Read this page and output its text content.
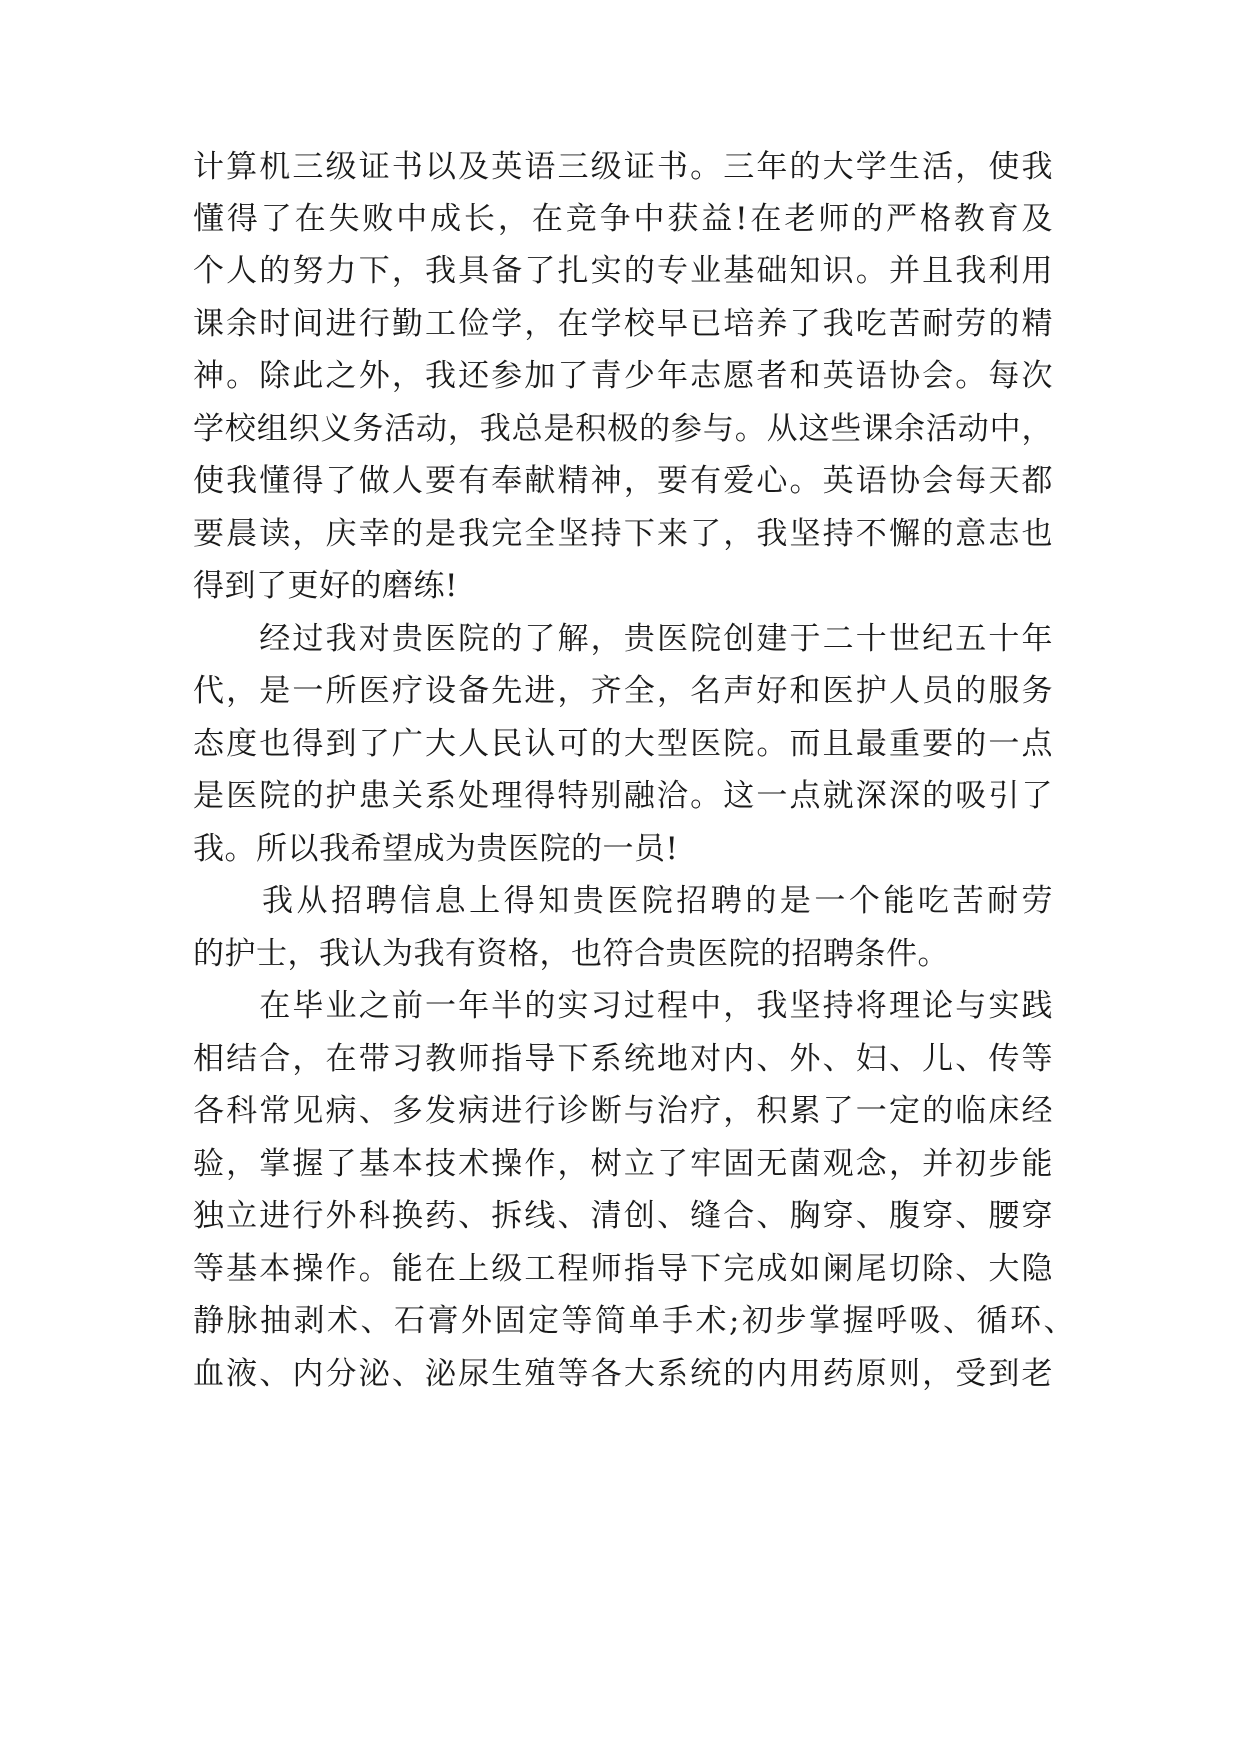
计算机三级证书以及英语三级证书。三年的大学生活，使我
懂得了在失败中成长，在竞争中获益!在老师的严格教育及
个人的努力下，我具备了扎实的专业基础知识。并且我利用
课余时间进行勤工俭学，在学校早已培养了我吃苦耐劳的精
神。除此之外，我还参加了青少年志愿者和英语协会。每次
学校组织义务活动，我总是积极的参与。从这些课余活动中，
使我懂得了做人要有奉献精神，要有爱心。英语协会每天都
要晨读，庆幸的是我完全坚持下来了，我坚持不懈的意志也
得到了更好的磨练!
　　经过我对贵医院的了解，贵医院创建于二十世纪五十年
代，是一所医疗设备先进，齐全，名声好和医护人员的服务
态度也得到了广大人民认可的大型医院。而且最重要的一点
是医院的护患关系处理得特别融洽。这一点就深深的吸引了
我。所以我希望成为贵医院的一员!
　　我从招聘信息上得知贵医院招聘的是一个能吃苦耐劳
的护士，我认为我有资格，也符合贵医院的招聘条件。
　　在毕业之前一年半的实习过程中，我坚持将理论与实践
相结合，在带习教师指导下系统地对内、外、妇、儿、传等
各科常见病、多发病进行诊断与治疗，积累了一定的临床经
验，掌握了基本技术操作，树立了牢固无菌观念，并初步能
独立进行外科换药、拆线、清创、缝合、胸穿、腹穿、腰穿
等基本操作。能在上级工程师指导下完成如阑尾切除、大隐
静脉抽剥术、石膏外固定等简单手术;初步掌握呼吸、循环、
血液、内分泌、泌尿生殖等各大系统的内用药原则，受到老
